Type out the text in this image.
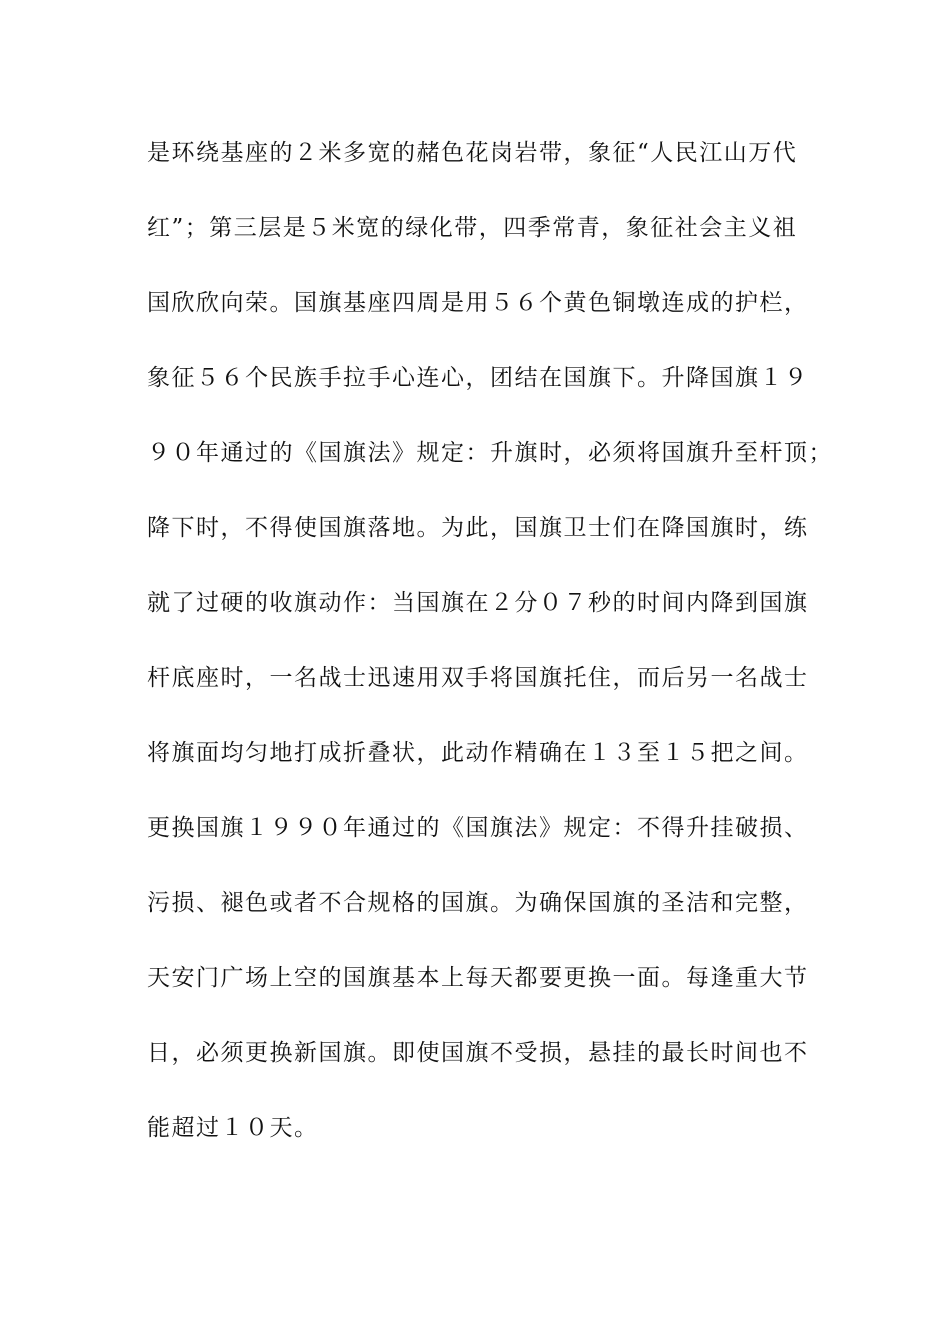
是环绕基座的２米多宽的赭色花岗岩带，象征“人民江山万代
红”；第三层是５米宽的绿化带，四季常青，象征社会主义祖
国欣欣向荣。国旗基座四周是用５６个黄色铜墩连成的护栏，
象征５６个民族手拉手心连心，团结在国旗下。升降国旗１９
９０年通过的《国旗法》规定：升旗时，必须将国旗升至杆顶；
降下时，不得使国旗落地。为此，国旗卫士们在降国旗时，练
就了过硬的收旗动作：当国旗在２分０７秒的时间内降到国旗
杆底座时，一名战士迅速用双手将国旗托住，而后另一名战士
将旗面均匀地打成折叠状，此动作精确在１３至１５把之间。
更换国旗１９９０年通过的《国旗法》规定：不得升挂破损、
污损、褪色或者不合规格的国旗。为确保国旗的圣洁和完整，
天安门广场上空的国旗基本上每天都要更换一面。每逢重大节
日，必须更换新国旗。即使国旗不受损，悬挂的最长时间也不
能超过１０天。
